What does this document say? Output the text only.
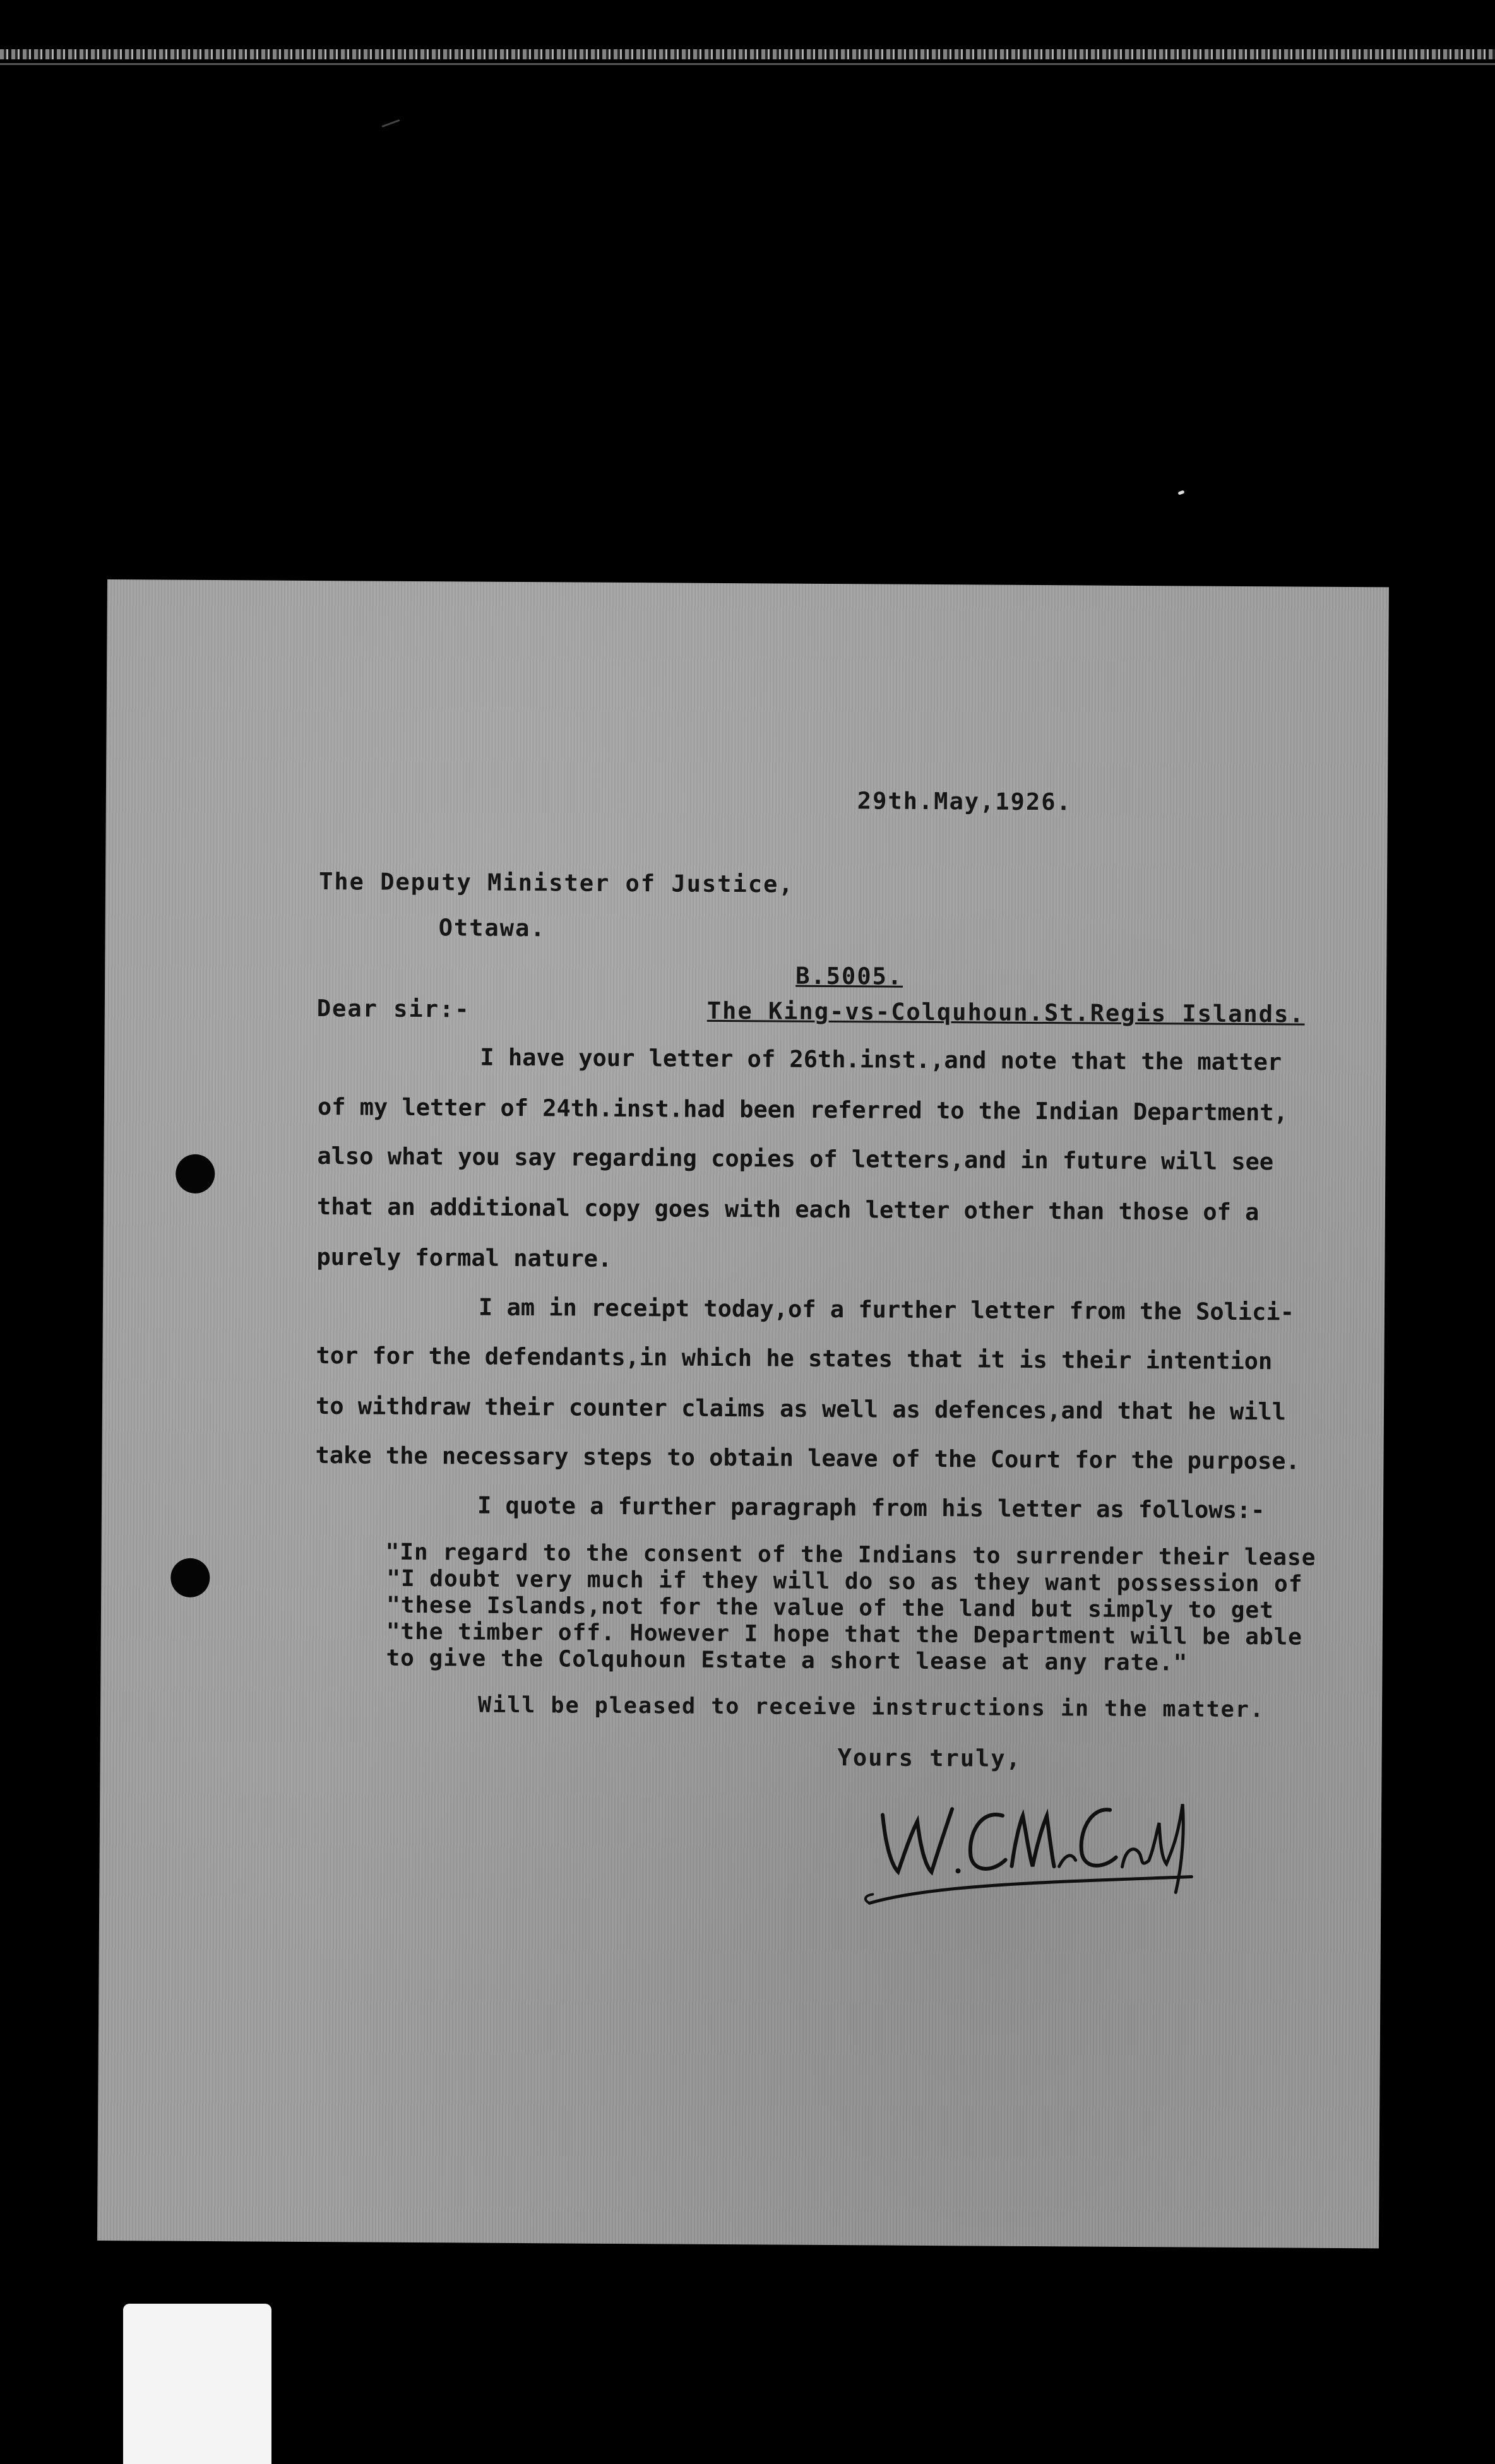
29th.May,1926.
The Deputy Minister of Justice,
Ottawa.
B.5005.
Dear sir:-	The King-vs-Colquhoun.St.Regis Islands.
I have your letter of 26th.inst.,and note that the matter
of my letter of 24th.inst.had been referred to the Indian Department,
also what you say regarding copies of letters,and in future will see
that an additional copy goes with each letter other than those of a
purely formal nature.
I am in receipt today,of a further letter from the Solici-
tor for the defendants,in which he states that it is their intention
to withdraw their counter claims as well as defences,and that he will
take the necessary steps to obtain leave of the Court for the purpose.
I quote a further paragraph from his letter as follows:-
"In regard to the consent of the Indians to surrender their lease
"I doubt very much if they will do so as they want possession of
"these Islands,not for the value of the land but simply to get
"the timber off. However I hope that the Department will be able
to give the Colquhoun Estate a short lease at any rate."
Will be pleased to receive instructions in the matter.
Yours truly,
